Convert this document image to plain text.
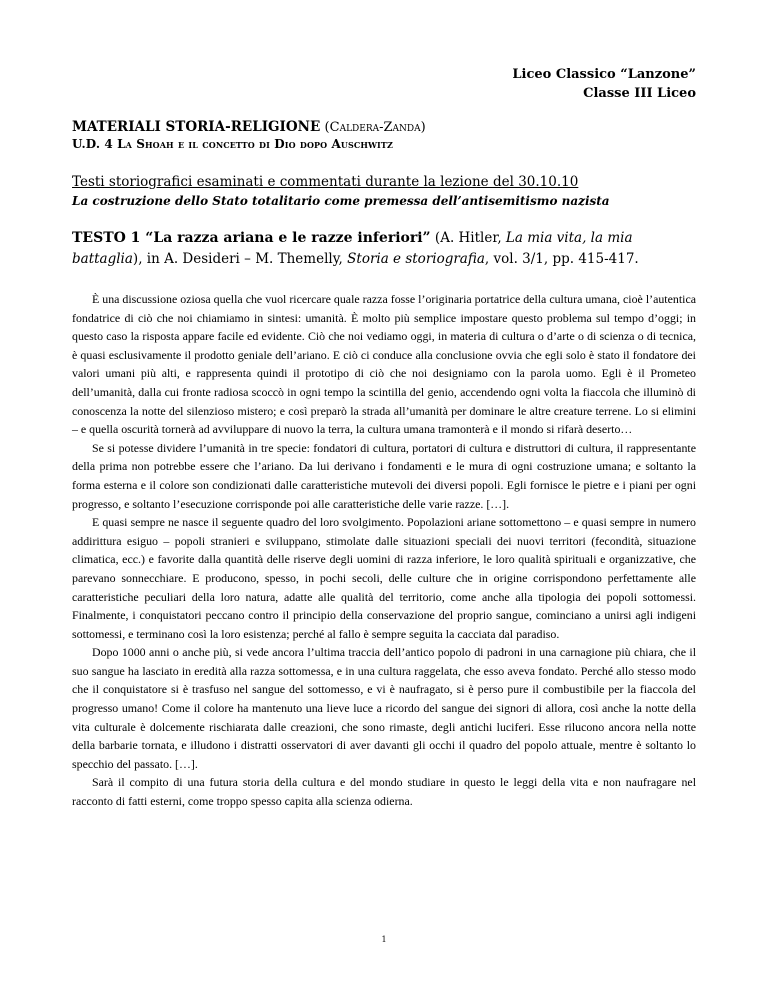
Liceo Classico “Lanzone”
Classe III Liceo
MATERIALI STORIA-RELIGIONE (Caldera-Zanda)
U.D. 4 La Shoah e il concetto di Dio dopo Auschwitz
Testi storiografici esaminati e commentati durante la lezione del 30.10.10
La costruzione dello Stato totalitario come premessa dell’antisemitismo nazista
TESTO 1 “La razza ariana e le razze inferiori” (A. Hitler, La mia vita, la mia battaglia), in A. Desideri – M. Themelly, Storia e storiografia, vol. 3/1, pp. 415-417.

È una discussione oziosa quella che vuol ricercare quale razza fosse l’originaria portatrice della cultura umana, cioè l’autentica fondatrice di ciò che noi chiamiamo in sintesi: umanità. È molto più semplice impostare questo problema sul tempo d’oggi; in questo caso la risposta appare facile ed evidente. Ciò che noi vediamo oggi, in materia di cultura o d’arte o di scienza o di tecnica, è quasi esclusivamente il prodotto geniale dell’ariano. E ciò ci conduce alla conclusione ovvia che egli solo è stato il fondatore dei valori umani più alti, e rappresenta quindi il prototipo di ciò che noi designiamo con la parola uomo. Egli è il Prometeo dell’umanità, dalla cui fronte radiosa scoccò in ogni tempo la scintilla del genio, accendendo ogni volta la fiaccola che illuminò di conoscenza la notte del silenzioso mistero; e così preparò la strada all’umanità per dominare le altre creature terrene. Lo si elimini – e quella oscurità tornerà ad avviluppare di nuovo la terra, la cultura umana tramonterà e il mondo si rifarà deserto…

Se si potesse dividere l’umanità in tre specie: fondatori di cultura, portatori di cultura e distruttori di cultura, il rappresentante della prima non potrebbe essere che l’ariano. Da lui derivano i fondamenti e le mura di ogni costruzione umana; e soltanto la forma esterna e il colore son condizionati dalle caratteristiche mutevoli dei diversi popoli. Egli fornisce le pietre e i piani per ogni progresso, e soltanto l’esecuzione corrisponde poi alle caratteristiche delle varie razze. […].

E quasi sempre ne nasce il seguente quadro del loro svolgimento. Popolazioni ariane sottomettono – e quasi sempre in numero addirittura esiguo – popoli stranieri e sviluppano, stimolate dalle situazioni speciali dei nuovi territori (fecondità, situazione climatica, ecc.) e favorite dalla quantità delle riserve degli uomini di razza inferiore, le loro qualità spirituali e organizzative, che parevano sonnecchiare. E producono, spesso, in pochi secoli, delle culture che in origine corrispondono perfettamente alle caratteristiche peculiari della loro natura, adatte alle qualità del territorio, come anche alla tipologia dei popoli sottomessi. Finalmente, i conquistatori peccano contro il principio della conservazione del proprio sangue, cominciano a unirsi agli indigeni sottomessi, e terminano così la loro esistenza; perché al fallo è sempre seguita la cacciata dal paradiso.

Dopo 1000 anni o anche più, si vede ancora l’ultima traccia dell’antico popolo di padroni in una carnagione più chiara, che il suo sangue ha lasciato in eredità alla razza sottomessa, e in una cultura raggelata, che esso aveva fondato. Perché allo stesso modo che il conquistatore si è trasfuso nel sangue del sottomesso, e vi è naufragato, si è perso pure il combustibile per la fiaccola del progresso umano! Come il colore ha mantenuto una lieve luce a ricordo del sangue dei signori di allora, così anche la notte della vita culturale è dolcemente rischiarata dalle creazioni, che sono rimaste, degli antichi luciferi. Esse rilucono ancora nella notte della barbarie tornata, e illudono i distratti osservatori di aver davanti gli occhi il quadro del popolo attuale, mentre è soltanto lo specchio del passato. […].

Sarà il compito di una futura storia della cultura e del mondo studiare in questo le leggi della vita e non naufragare nel racconto di fatti esterni, come troppo spesso capita alla scienza odierna.

1
